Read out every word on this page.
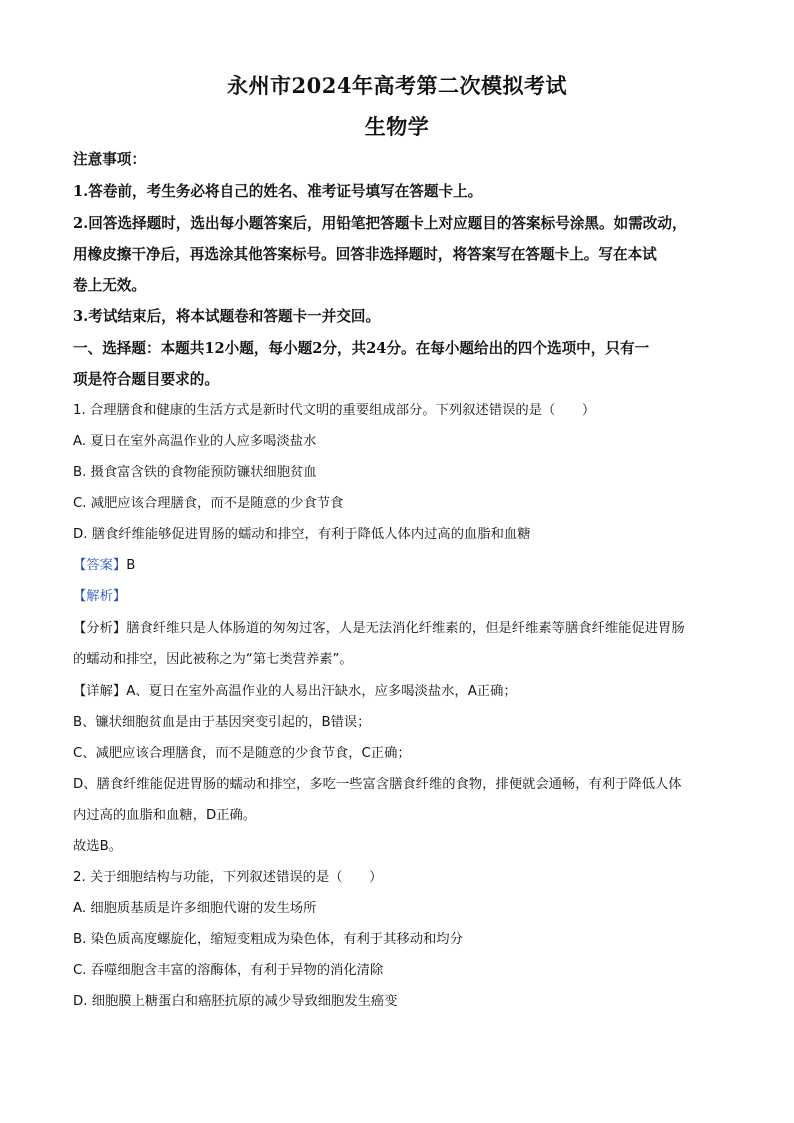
永州市2024年高考第二次模拟考试
生物学
注意事项：
1.答卷前，考生务必将自己的姓名、准考证号填写在答题卡上。
2.回答选择题时，选出每小题答案后，用铅笔把答题卡上对应题目的答案标号涂黑。如需改动，
用橡皮擦干净后，再选涂其他答案标号。回答非选择题时，将答案写在答题卡上。写在本试
卷上无效。
3.考试结束后，将本试题卷和答题卡一并交回。
一、选择题：本题共12小题，每小题2分，共24分。在每小题给出的四个选项中，只有一
项是符合题目要求的。
1. 合理膳食和健康的生活方式是新时代文明的重要组成部分。下列叙述错误的是（　　）
A. 夏日在室外高温作业的人应多喝淡盐水
B. 摄食富含铁的食物能预防镰状细胞贫血
C. 减肥应该合理膳食，而不是随意的少食节食
D. 膳食纤维能够促进胃肠的蠕动和排空，有利于降低人体内过高的血脂和血糖
【答案】B
【解析】
【分析】膳食纤维只是人体肠道的匆匆过客，人是无法消化纤维素的，但是纤维素等膳食纤维能促进胃肠
的蠕动和排空，因此被称之为“第七类营养素”。
【详解】A、夏日在室外高温作业的人易出汗缺水，应多喝淡盐水，A正确；
B、镰状细胞贫血是由于基因突变引起的，B错误；
C、减肥应该合理膳食，而不是随意的少食节食，C正确；
D、膳食纤维能促进胃肠的蠕动和排空，多吃一些富含膳食纤维的食物，排便就会通畅，有利于降低人体
内过高的血脂和血糖，D正确。
故选B。
2. 关于细胞结构与功能，下列叙述错误的是（　　）
A. 细胞质基质是许多细胞代谢的发生场所
B. 染色质高度螺旋化，缩短变粗成为染色体，有利于其移动和均分
C. 吞噬细胞含丰富的溶酶体，有利于异物的消化清除
D. 细胞膜上糖蛋白和癌胚抗原的减少导致细胞发生癌变
